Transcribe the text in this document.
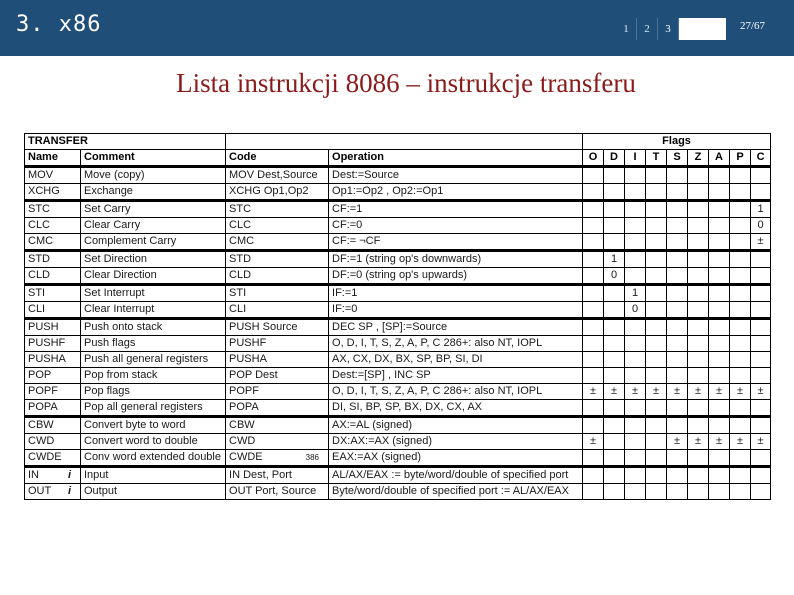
3. x86	1	2	3	27/67
Lista instrukcji 8086 – instrukcje transferu
TRANSFER				Flags								
Name	Comment	Code	Operation	O	D	I	T	S	Z	A	P	C
MOV	Move (copy)	MOV Dest,Source	Dest:=Source									
XCHG	Exchange	XCHG Op1,Op2	Op1:=Op2 , Op2:=Op1									
STC	Set Carry	STC	CF:=1									1
CLC	Clear Carry	CLC	CF:=0									0
CMC	Complement Carry	CMC	CF:= ¬CF									±
STD	Set Direction	STD	DF:=1 (string op's downwards)		1							
CLD	Clear Direction	CLD	DF:=0 (string op's upwards)		0							
STI	Set Interrupt	STI	IF:=1			1						
CLI	Clear Interrupt	CLI	IF:=0			0						
PUSH	Push onto stack	PUSH Source	DEC SP , [SP]:=Source									
PUSHF	Push flags	PUSHF	O, D, I, T, S, Z, A, P, C 286+: also NT, IOPL									
PUSHA	Push all general registers	PUSHA	AX, CX, DX, BX, SP, BP, SI, DI									
POP	Pop from stack	POP Dest	Dest:=[SP] , INC SP									
POPF	Pop flags	POPF	O, D, I, T, S, Z, A, P, C 286+: also NT, IOPL	±	±	±	±	±	±	±	±	±
POPA	Pop all general registers	POPA	DI, SI, BP, SP, BX, DX, CX, AX									
CBW	Convert byte to word	CBW	AX:=AL (signed)									
CWD	Convert word to double	CWD	DX:AX:=AX (signed)	±				±	±	±	±	±
CWDE	Conv word extended double	CWDE 386	EAX:=AX (signed)									
IN i	Input	IN Dest, Port	AL/AX/EAX := byte/word/double of specified port									
OUT i	Output	OUT Port, Source	Byte/word/double of specified port := AL/AX/EAX									
